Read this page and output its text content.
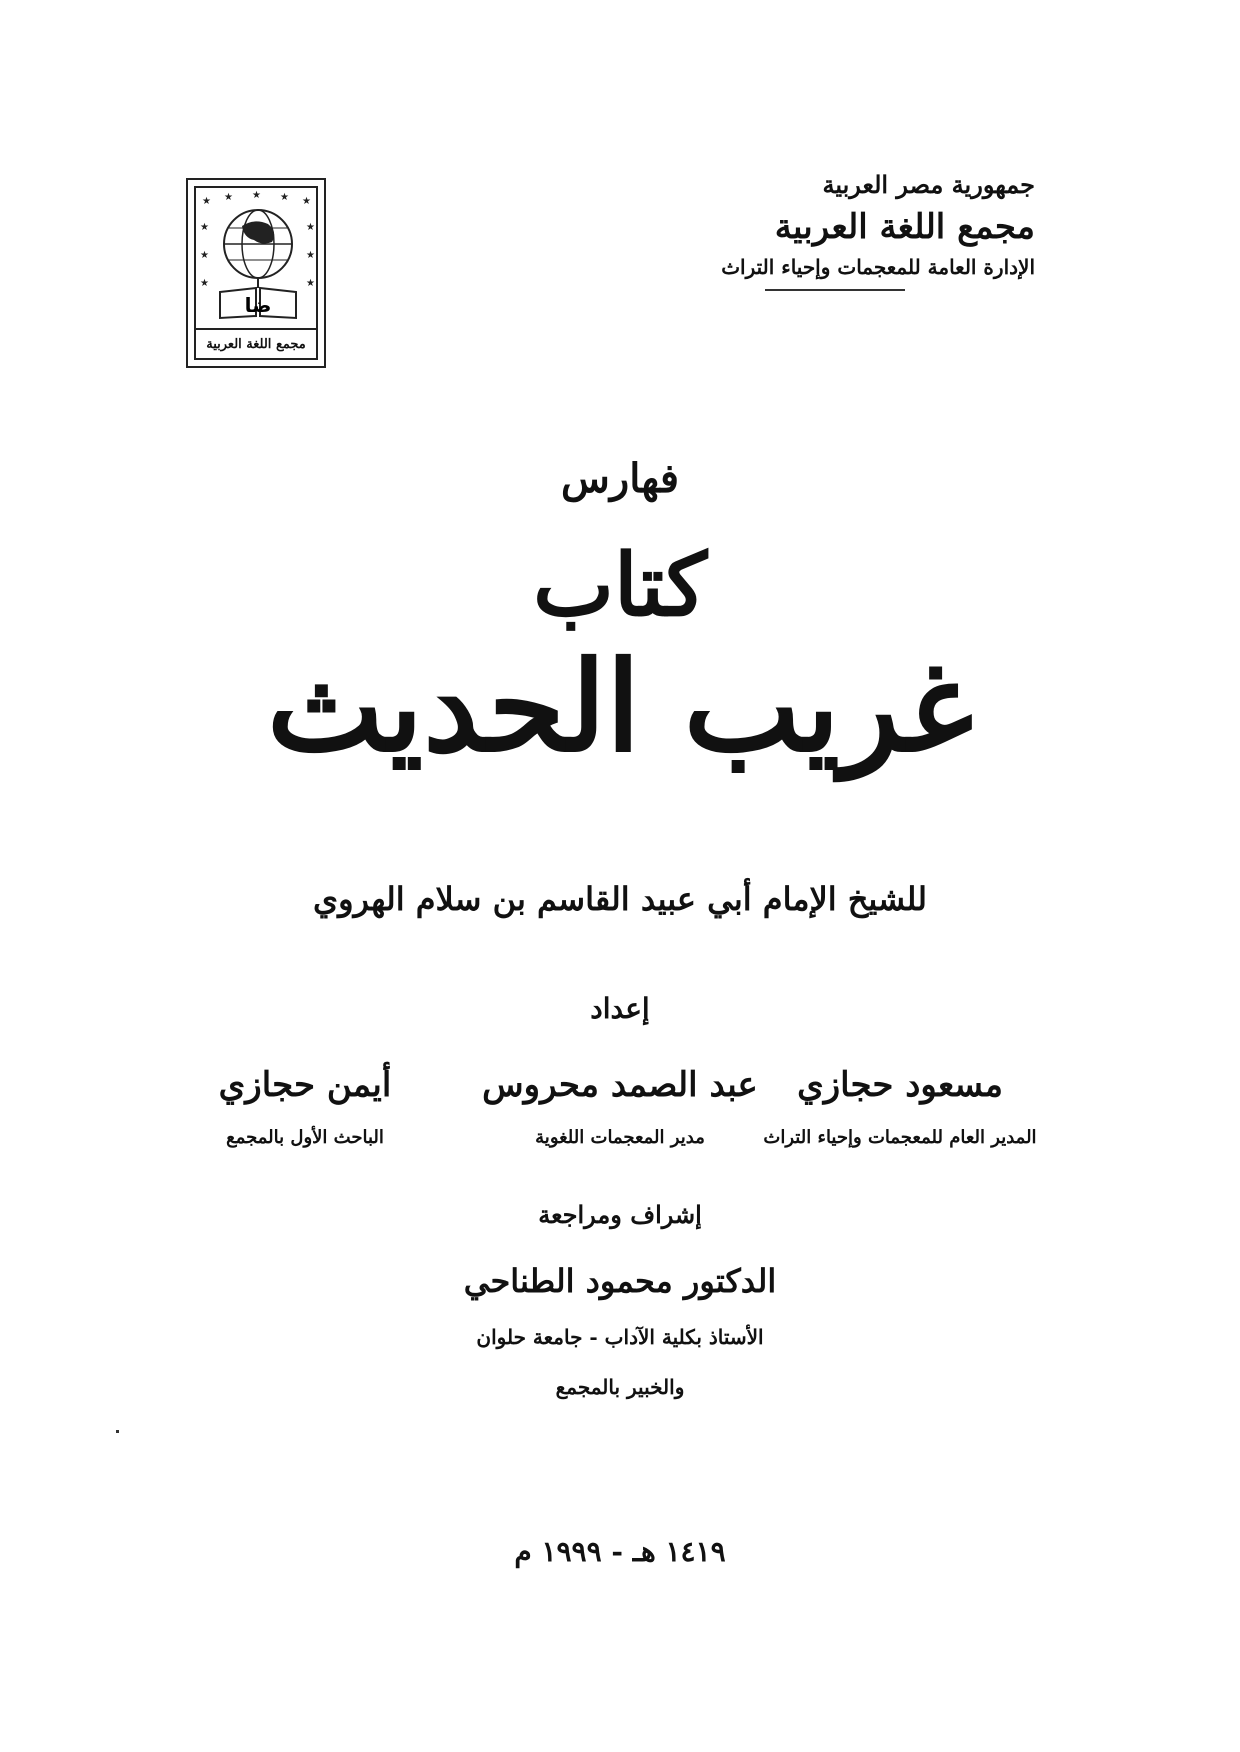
جمهورية مصر العربية
مجمع اللغة العربية
الإدارة العامة للمعجمات وإحياء التراث
★ ★ ★ ★ ★
★	★
★	★
★	★
ضا
مجمع اللغة العربية
فهارس
كتاب
غريب الحديث
للشيخ الإمام أبي عبيد القاسم بن سلام الهروي
إعداد
مسعود حجازي
المدير العام للمعجمات وإحياء التراث
عبد الصمد محروس
مدير المعجمات اللغوية
أيمن حجازي
الباحث الأول بالمجمع
إشراف ومراجعة
الدكتور محمود الطناحي
الأستاذ بكلية الآداب - جامعة حلوان
والخبير بالمجمع
١٤١٩ هـ - ١٩٩٩ م
